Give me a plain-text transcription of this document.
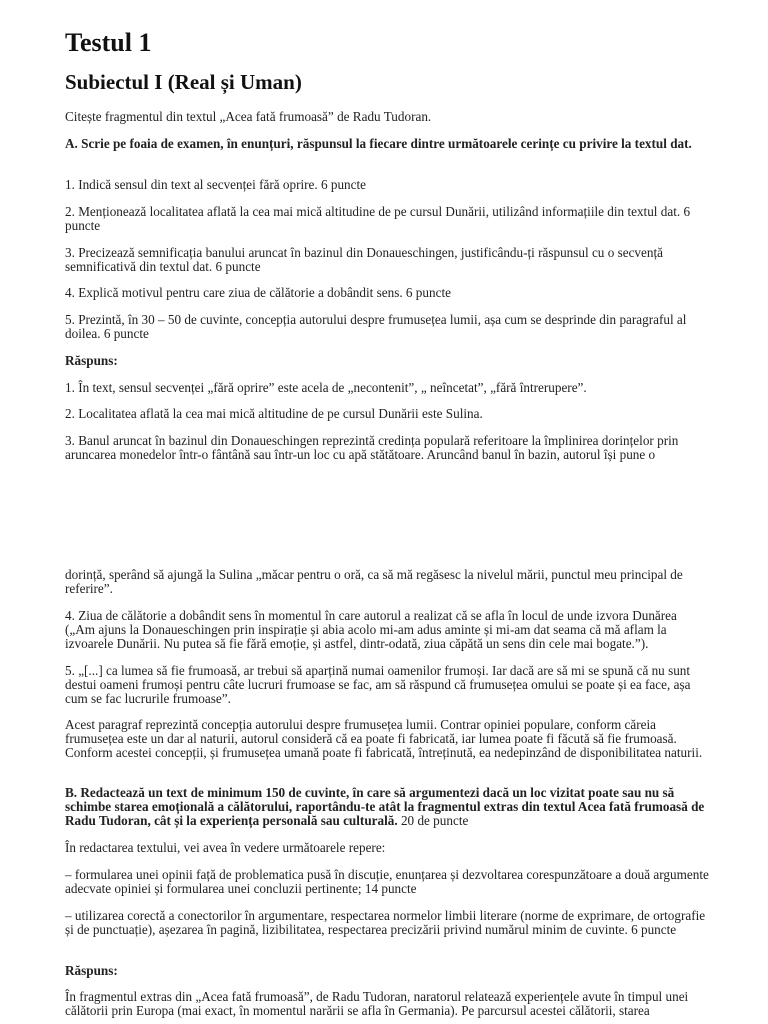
Testul 1
Subiectul I (Real și Uman)

Citește fragmentul din textul „Acea fată frumoasă” de Radu Tudoran.

A. Scrie pe foaia de examen, în enunțuri, răspunsul la fiecare dintre următoarele cerințe cu privire la textul dat.

1. Indică sensul din text al secvenței fără oprire. 6 puncte

2. Menționează localitatea aflată la cea mai mică altitudine de pe cursul Dunării, utilizând informațiile din textul dat. 6 puncte

3. Precizează semnificația banului aruncat în bazinul din Donaueschingen, justificându-ți răspunsul cu o secvență semnificativă din textul dat. 6 puncte

4. Explică motivul pentru care ziua de călătorie a dobândit sens. 6 puncte

5. Prezintă, în 30 – 50 de cuvinte, concepția autorului despre frumusețea lumii, așa cum se desprinde din paragraful al doilea. 6 puncte

Răspuns:

1. În text, sensul secvenței „fără oprire” este acela de „necontenit”, „ neîncetat”, „fără întrerupere”.

2. Localitatea aflată la cea mai mică altitudine de pe cursul Dunării este Sulina.

3. Banul aruncat în bazinul din Donaueschingen reprezintă credința populară referitoare la împlinirea dorințelor prin aruncarea monedelor într-o fântână sau într-un loc cu apă stătătoare. Aruncând banul în bazin, autorul își pune o

dorință, sperând să ajungă la Sulina „măcar pentru o oră, ca să mă regăsesc la nivelul mării, punctul meu principal de referire”.

4. Ziua de călătorie a dobândit sens în momentul în care autorul a realizat că se afla în locul de unde izvora Dunărea („Am ajuns la Donaueschingen prin inspirație și abia acolo mi-am adus aminte și mi-am dat seama că mă aflam la izvoarele Dunării. Nu putea să fie fără emoție, și astfel, dintr-odată, ziua căpătă un sens din cele mai bogate.”).

5. „[...] ca lumea să fie frumoasă, ar trebui să aparțină numai oamenilor frumoși. Iar dacă are să mi se spună că nu sunt destui oameni frumoși pentru câte lucruri frumoase se fac, am să răspund că frumusețea omului se poate și ea face, așa cum se fac lucrurile frumoase”.

Acest paragraf reprezintă concepția autorului despre frumusețea lumii. Contrar opiniei populare, conform căreia frumusețea este un dar al naturii, autorul consideră că ea poate fi fabricată, iar lumea poate fi făcută să fie frumoasă. Conform acestei concepții, și frumusețea umană poate fi fabricată, întreținută, ea nedepinzând de disponibilitatea naturii.

B. Redactează un text de minimum 150 de cuvinte, în care să argumentezi dacă un loc vizitat poate sau nu să schimbe starea emoțională a călătorului, raportându-te atât la fragmentul extras din textul Acea fată frumoasă de Radu Tudoran, cât și la experiența personală sau culturală. 20 de puncte

În redactarea textului, vei avea în vedere următoarele repere:

– formularea unei opinii față de problematica pusă în discuție, enunțarea și dezvoltarea corespunzătoare a două argumente adecvate opiniei și formularea unei concluzii pertinente; 14 puncte

– utilizarea corectă a conectorilor în argumentare, respectarea normelor limbii literare (norme de exprimare, de ortografie și de punctuație), așezarea în pagină, lizibilitatea, respectarea precizării privind numărul minim de cuvinte. 6 puncte

Răspuns:

În fragmentul extras din „Acea fată frumoasă”, de Radu Tudoran, naratorul relatează experiențele avute în timpul unei călătorii prin Europa (mai exact, în momentul narării se afla în Germania). Pe parcursul acestei călătorii, starea
